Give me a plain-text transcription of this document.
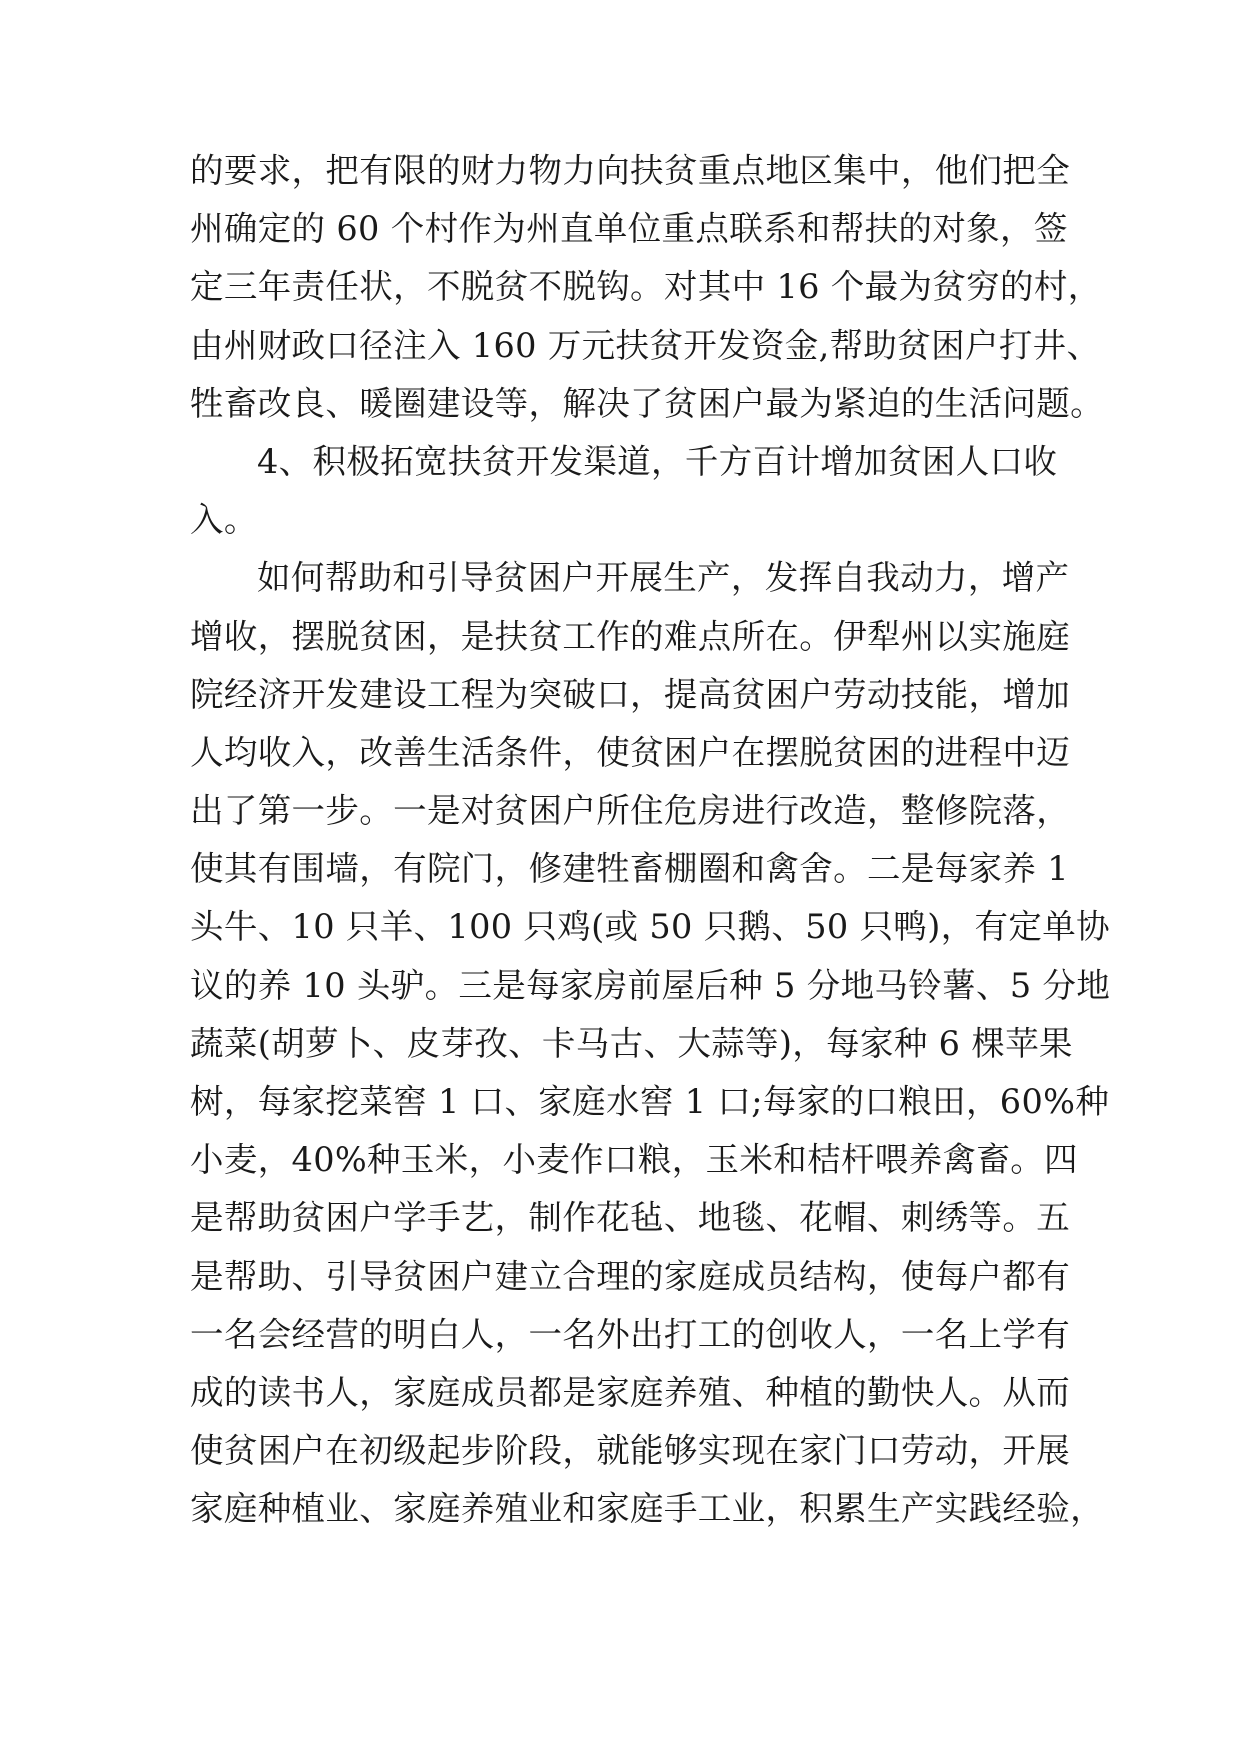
的要求，把有限的财力物力向扶贫重点地区集中，他们把全
州确定的 60 个村作为州直单位重点联系和帮扶的对象，签
定三年责任状，不脱贫不脱钩。对其中 16 个最为贫穷的村，
由州财政口径注入 160 万元扶贫开发资金,帮助贫困户打井、
牲畜改良、暖圈建设等，解决了贫困户最为紧迫的生活问题。
4、积极拓宽扶贫开发渠道，千方百计增加贫困人口收
入。
如何帮助和引导贫困户开展生产，发挥自我动力，增产
增收，摆脱贫困，是扶贫工作的难点所在。伊犁州以实施庭
院经济开发建设工程为突破口，提高贫困户劳动技能，增加
人均收入，改善生活条件，使贫困户在摆脱贫困的进程中迈
出了第一步。一是对贫困户所住危房进行改造，整修院落，
使其有围墙，有院门，修建牲畜棚圈和禽舍。二是每家养 1
头牛、10 只羊、100 只鸡(或 50 只鹅、50 只鸭)，有定单协
议的养 10 头驴。三是每家房前屋后种 5 分地马铃薯、5 分地
蔬菜(胡萝卜、皮芽孜、卡马古、大蒜等)，每家种 6 棵苹果
树，每家挖菜窖 1 口、家庭水窖 1 口;每家的口粮田，60%种
小麦，40%种玉米，小麦作口粮，玉米和桔杆喂养禽畜。四
是帮助贫困户学手艺，制作花毡、地毯、花帽、刺绣等。五
是帮助、引导贫困户建立合理的家庭成员结构，使每户都有
一名会经营的明白人，一名外出打工的创收人，一名上学有
成的读书人，家庭成员都是家庭养殖、种植的勤快人。从而
使贫困户在初级起步阶段，就能够实现在家门口劳动，开展
家庭种植业、家庭养殖业和家庭手工业，积累生产实践经验，
